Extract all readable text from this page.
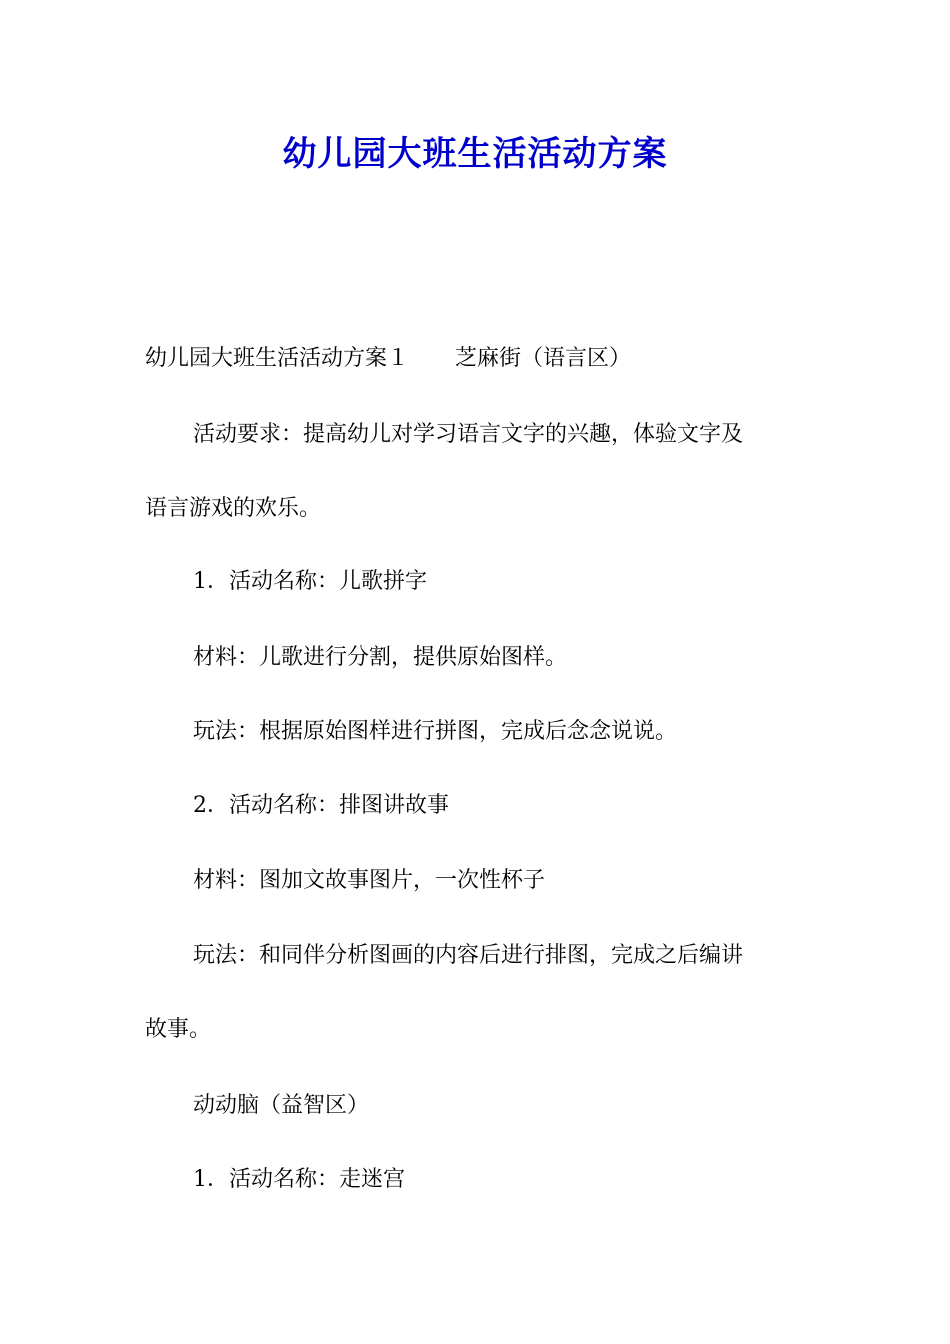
幼儿园大班生活活动方案

幼儿园大班生活活动方案１ 芝麻街（语言区）

活动要求：提高幼儿对学习语言文字的兴趣，体验文字及

语言游戏的欢乐。

1．活动名称：儿歌拼字

材料：儿歌进行分割，提供原始图样。

玩法：根据原始图样进行拼图，完成后念念说说。

2．活动名称：排图讲故事

材料：图加文故事图片，一次性杯子

玩法：和同伴分析图画的内容后进行排图，完成之后编讲

故事。

动动脑（益智区）

1．活动名称：走迷宫
